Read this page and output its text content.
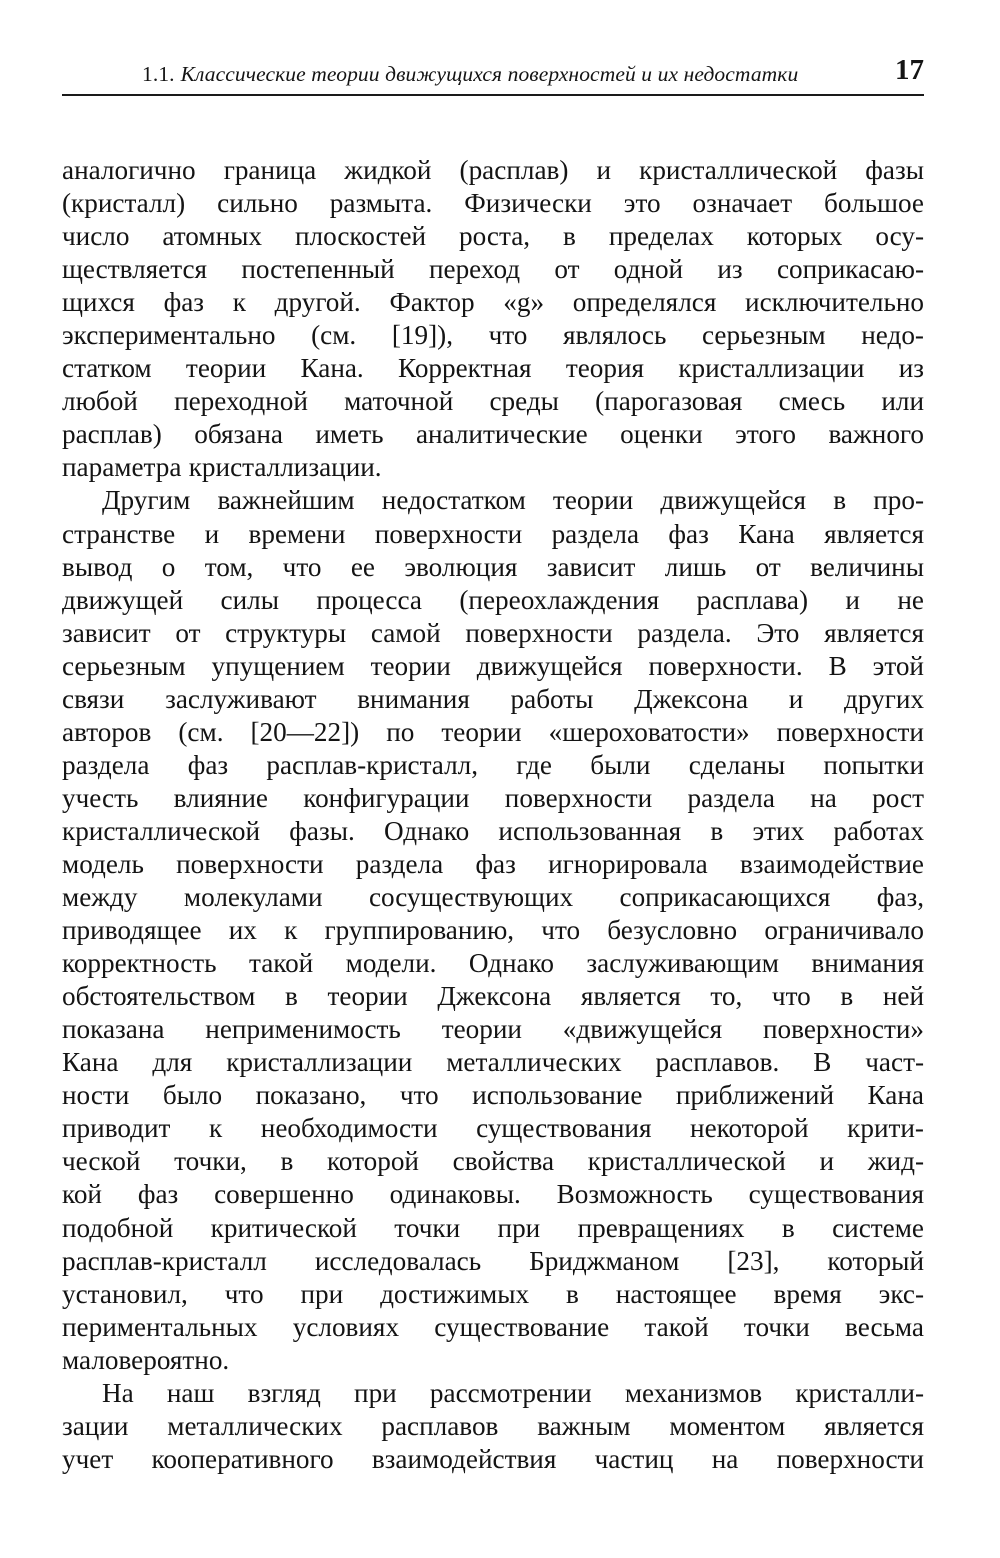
1.1. Классические теории движущихся поверхностей и их недостатки	17

аналогично граница жидкой (расплав) и кристаллической фазы
(кристалл) сильно размыта. Физически это означает большое
число атомных плоскостей роста, в пределах которых осу-
ществляется постепенный переход от одной из соприкасаю-
щихся фаз к другой. Фактор «g» определялся исключительно
экспериментально (см. [19]), что являлось серьезным недо-
статком теории Кана. Корректная теория кристаллизации из
любой переходной маточной среды (парогазовая смесь или
расплав) обязана иметь аналитические оценки этого важного
параметра кристаллизации.

Другим важнейшим недостатком теории движущейся в про-
странстве и времени поверхности раздела фаз Кана является
вывод о том, что ее эволюция зависит лишь от величины
движущей силы процесса (переохлаждения расплава) и не
зависит от структуры самой поверхности раздела. Это является
серьезным упущением теории движущейся поверхности. В этой
связи заслуживают внимания работы Джексона и других
авторов (см. [20—22]) по теории «шероховатости» поверхности
раздела фаз расплав-кристалл, где были сделаны попытки
учесть влияние конфигурации поверхности раздела на рост
кристаллической фазы. Однако использованная в этих работах
модель поверхности раздела фаз игнорировала взаимодействие
между молекулами сосуществующих соприкасающихся фаз,
приводящее их к группированию, что безусловно ограничивало
корректность такой модели. Однако заслуживающим внимания
обстоятельством в теории Джексона является то, что в ней
показана неприменимость теории «движущейся поверхности»
Кана для кристаллизации металлических расплавов. В част-
ности было показано, что использование приближений Кана
приводит к необходимости существования некоторой крити-
ческой точки, в которой свойства кристаллической и жид-
кой фаз совершенно одинаковы. Возможность существования
подобной критической точки при превращениях в системе
расплав-кристалл исследовалась Бриджманом [23], который
установил, что при достижимых в настоящее время экс-
периментальных условиях существование такой точки весьма
маловероятно.

На наш взгляд при рассмотрении механизмов кристалли-
зации металлических расплавов важным моментом является
учет кооперативного взаимодействия частиц на поверхности
